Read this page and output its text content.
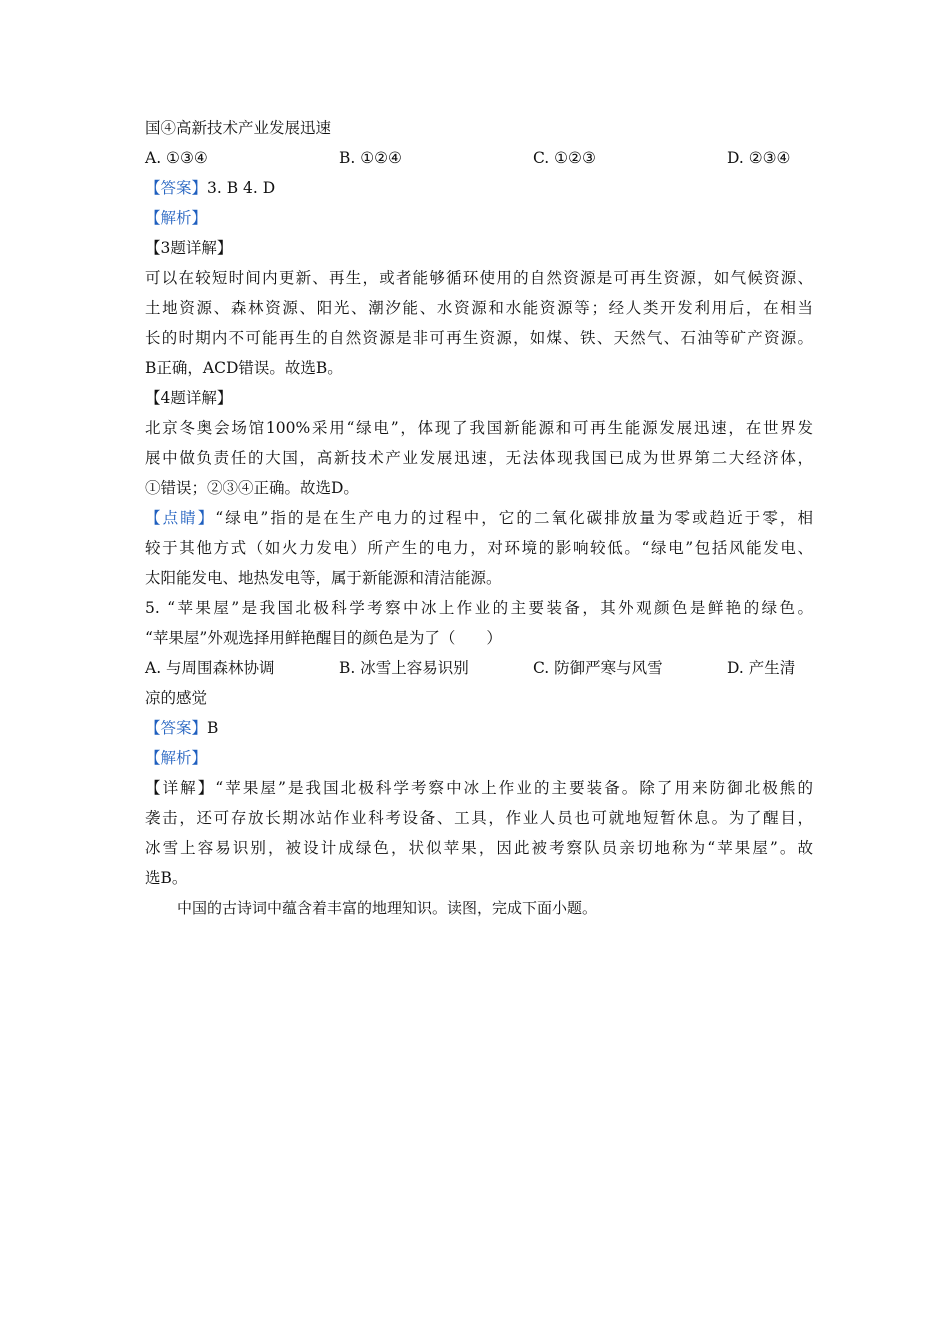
国④高新技术产业发展迅速
A. ①③④	B. ①②④	C. ①②③	D. ②③④
【答案】3. B 4. D
【解析】
【3题详解】
可以在较短时间内更新、再生，或者能够循环使用的自然资源是可再生资源，如气候资源、
土地资源、森林资源、阳光、潮汐能、水资源和水能资源等；经人类开发利用后，在相当
长的时期内不可能再生的自然资源是非可再生资源，如煤、铁、天然气、石油等矿产资源。
B正确，ACD错误。故选B。
【4题详解】
北京冬奥会场馆100%采用“绿电”，体现了我国新能源和可再生能源发展迅速，在世界发
展中做负责任的大国，高新技术产业发展迅速，无法体现我国已成为世界第二大经济体，
①错误；②③④正确。故选D。
【点睛】“绿电”指的是在生产电力的过程中，它的二氧化碳排放量为零或趋近于零，相
较于其他方式（如火力发电）所产生的电力，对环境的影响较低。“绿电”包括风能发电、
太阳能发电、地热发电等，属于新能源和清洁能源。
5. “苹果屋”是我国北极科学考察中冰上作业的主要装备，其外观颜色是鲜艳的绿色。
“苹果屋”外观选择用鲜艳醒目的颜色是为了（　　）
A. 与周围森林协调	B. 冰雪上容易识别	C. 防御严寒与风雪	D. 产生清
凉的感觉
【答案】B
【解析】
【详解】“苹果屋”是我国北极科学考察中冰上作业的主要装备。除了用来防御北极熊的
袭击，还可存放长期冰站作业科考设备、工具，作业人员也可就地短暂休息。为了醒目，
冰雪上容易识别，被设计成绿色，状似苹果，因此被考察队员亲切地称为“苹果屋”。故
选B。
中国的古诗词中蕴含着丰富的地理知识。读图，完成下面小题。
